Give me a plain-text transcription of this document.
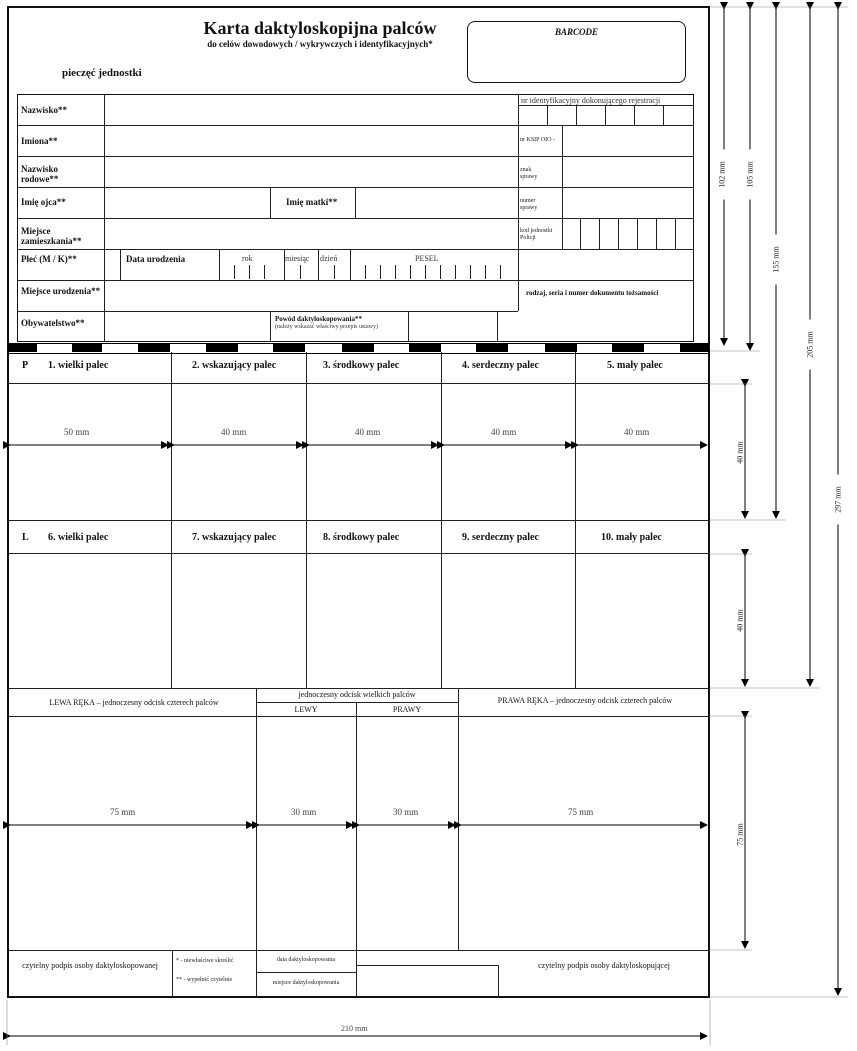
Karta daktyloskopijna palców
do celów dowodowych / wykrywczych i identyfikacyjnych*
pieczęć jednostki
BARCODE
Nazwisko**
Imiona**
Nazwisko rodowe**
Imię ojca**	Imię matki**
Miejsce zamieszkania**
Płeć (M / K)**	Data urodzenia	rok	miesiąc dzień	PESEL
Miejsce urodzenia**
Obywatelstwo**	Powód daktyloskopowania**
(należy wskazać właściwy przepis ustawy)
nr identyfikacyjny dokonującego rejestracji
nr KSIP OIO -
znak sprawy
numer sprawy
kod jednostki Policji
rodzaj, seria i numer dokumentu tożsamości
P 1. wielki palec	2. wskazujący palec	3. środkowy palec	4. serdeczny palec	5. mały palec
L 6. wielki palec	7. wskazujący palec	8. środkowy palec	9. serdeczny palec	10. mały palec
50 mm	40 mm	40 mm	40 mm	40 mm
LEWA RĘKA – jednoczesny odcisk czterech palców
jednoczesny odcisk wielkich palców
LEWY	PRAWY
PRAWA RĘKA – jednoczesny odcisk czterech palców
75 mm	30 mm	30 mm	75 mm
czytelny podpis osoby daktyloskopowanej	* - niewłaściwe skreślić
** - wypełnić czytelnie
data daktyloskopowania
miejsce daktyloskopowania
czytelny podpis osoby daktyloskopującej
102 mm 105 mm
155 mm
205 mm
297 mm
40 mm
40 mm
75 mm
210 mm
